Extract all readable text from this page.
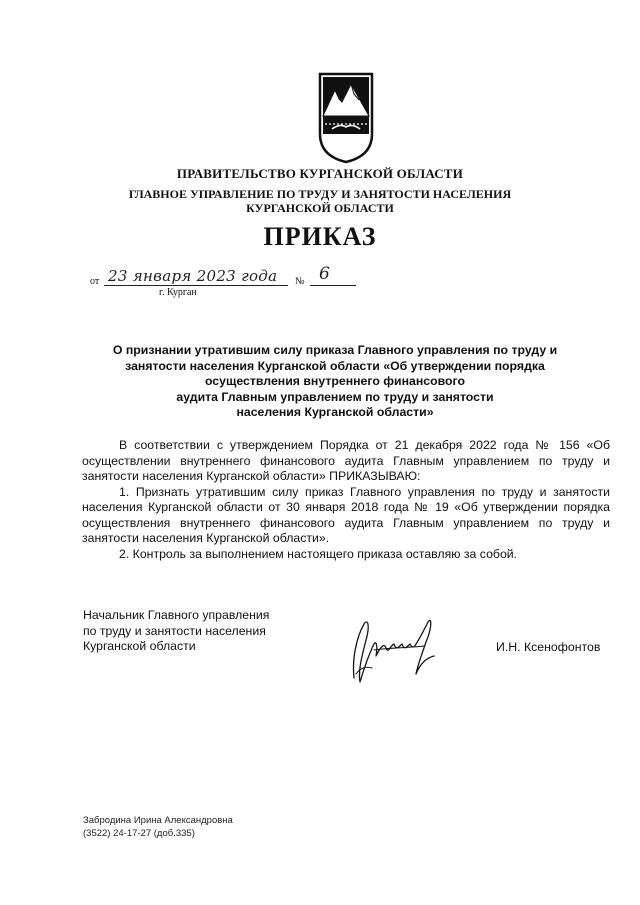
ПРАВИТЕЛЬСТВО КУРГАНСКОЙ ОБЛАСТИ
ГЛАВНОЕ УПРАВЛЕНИЕ ПО ТРУДУ И ЗАНЯТОСТИ НАСЕЛЕНИЯ
КУРГАНСКОЙ ОБЛАСТИ
ПРИКАЗ
от 23 января 2023 года № 6
г. Курган
О признании утратившим силу приказа Главного управления по труду и
занятости населения Курганской области «Об утверждении порядка
осуществления внутреннего финансового
аудита Главным управлением по труду и занятости
населения Курганской области»

В соответствии с утверждением Порядка от 21 декабря 2022 года № 156 «Об осуществлении внутреннего финансового аудита Главным управлением по труду и занятости населения Курганской области» ПРИКАЗЫВАЮ:

1. Признать утратившим силу приказ Главного управления по труду и занятости населения Курганской области от 30 января 2018 года № 19 «Об утверждении порядка осуществления внутреннего финансового аудита Главным управлением по труду и занятости населения Курганской области».

2. Контроль за выполнением настоящего приказа оставляю за собой.

Начальник Главного управления
по труду и занятости населения
Курганской области	И.Н. Ксенофонтов
Забродина Ирина Александровна
(3522) 24-17-27 (доб.335)
